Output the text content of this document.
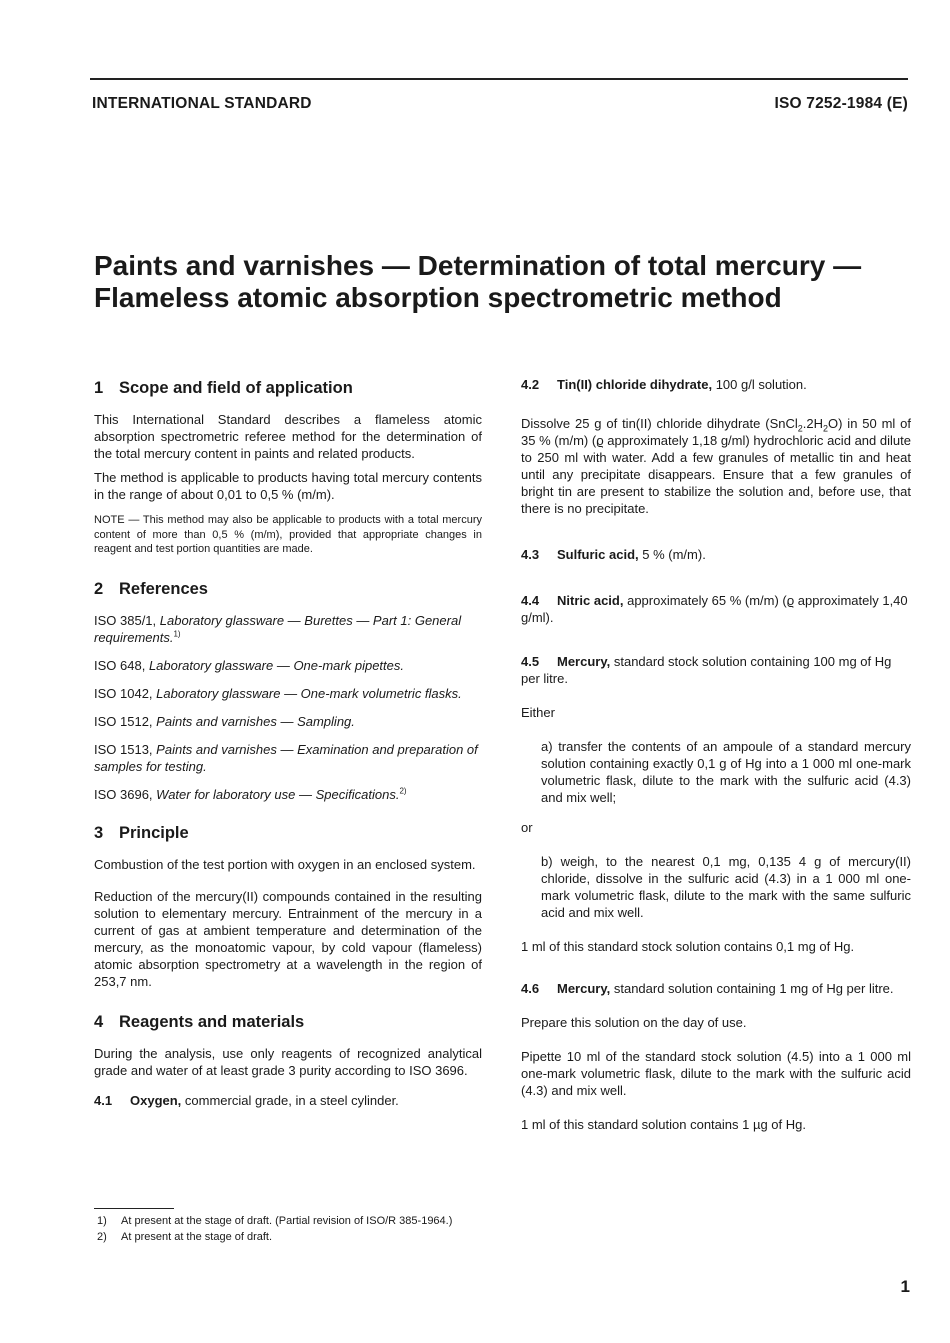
INTERNATIONAL STANDARD	ISO 7252-1984 (E)
Paints and varnishes — Determination of total mercury —
Flameless atomic absorption spectrometric method
1 Scope and field of application

This International Standard describes a flameless atomic absorption spectrometric referee method for the determination of the total mercury content in paints and related products.

The method is applicable to products having total mercury contents in the range of about 0,01 to 0,5 % (m/m).

NOTE — This method may also be applicable to products with a total mercury content of more than 0,5 % (m/m), provided that appropriate changes in reagent and test portion quantities are made.

2 References

ISO 385/1, Laboratory glassware — Burettes — Part 1: General requirements.$^{1)}$

ISO 648, Laboratory glassware — One-mark pipettes.

ISO 1042, Laboratory glassware — One-mark volumetric flasks.

ISO 1512, Paints and varnishes — Sampling.

ISO 1513, Paints and varnishes — Examination and preparation of samples for testing.

ISO 3696, Water for laboratory use — Specifications.$^{2)}$

3 Principle

Combustion of the test portion with oxygen in an enclosed system.

Reduction of the mercury(II) compounds contained in the resulting solution to elementary mercury. Entrainment of the mercury in a current of gas at ambient temperature and determination of the mercury, as the monoatomic vapour, by cold vapour (flameless) atomic absorption spectrometry at a wavelength in the region of 253,7 nm.

4 Reagents and materials

During the analysis, use only reagents of recognized analytical grade and water of at least grade 3 purity according to ISO 3696.

4.1 Oxygen, commercial grade, in a steel cylinder.

4.2 Tin(II) chloride dihydrate, 100 g/l solution.

Dissolve 25 g of tin(II) chloride dihydrate $(SnCl_2.2H_2O)$ in 50 ml of 35 % (m/m) (ϱ approximately 1,18 g/ml) hydrochloric acid and dilute to 250 ml with water. Add a few granules of metallic tin and heat until any precipitate disappears. Ensure that a few granules of bright tin are present to stabilize the solution and, before use, that there is no precipitate.

4.3 Sulfuric acid, 5 % (m/m).

4.4 Nitric acid, approximately 65 % (m/m) (ϱ approximately 1,40 g/ml).

4.5 Mercury, standard stock solution containing 100 mg of Hg per litre.

Either

a) transfer the contents of an ampoule of a standard mercury solution containing exactly 0,1 g of Hg into a 1 000 ml one-mark volumetric flask, dilute to the mark with the sulfuric acid (4.3) and mix well;

or

b) weigh, to the nearest 0,1 mg, 0,135 4 g of mercury(II) chloride, dissolve in the sulfuric acid (4.3) in a 1 000 ml one-mark volumetric flask, dilute to the mark with the same sulfuric acid and mix well.

1 ml of this standard stock solution contains 0,1 mg of Hg.

4.6 Mercury, standard solution containing 1 mg of Hg per litre.

Prepare this solution on the day of use.

Pipette 10 ml of the standard stock solution (4.5) into a 1 000 ml one-mark volumetric flask, dilute to the mark with the sulfuric acid (4.3) and mix well.

1 ml of this standard solution contains 1 µg of Hg.

1) At present at the stage of draft. (Partial revision of ISO/R 385-1964.)
2) At present at the stage of draft.
1
